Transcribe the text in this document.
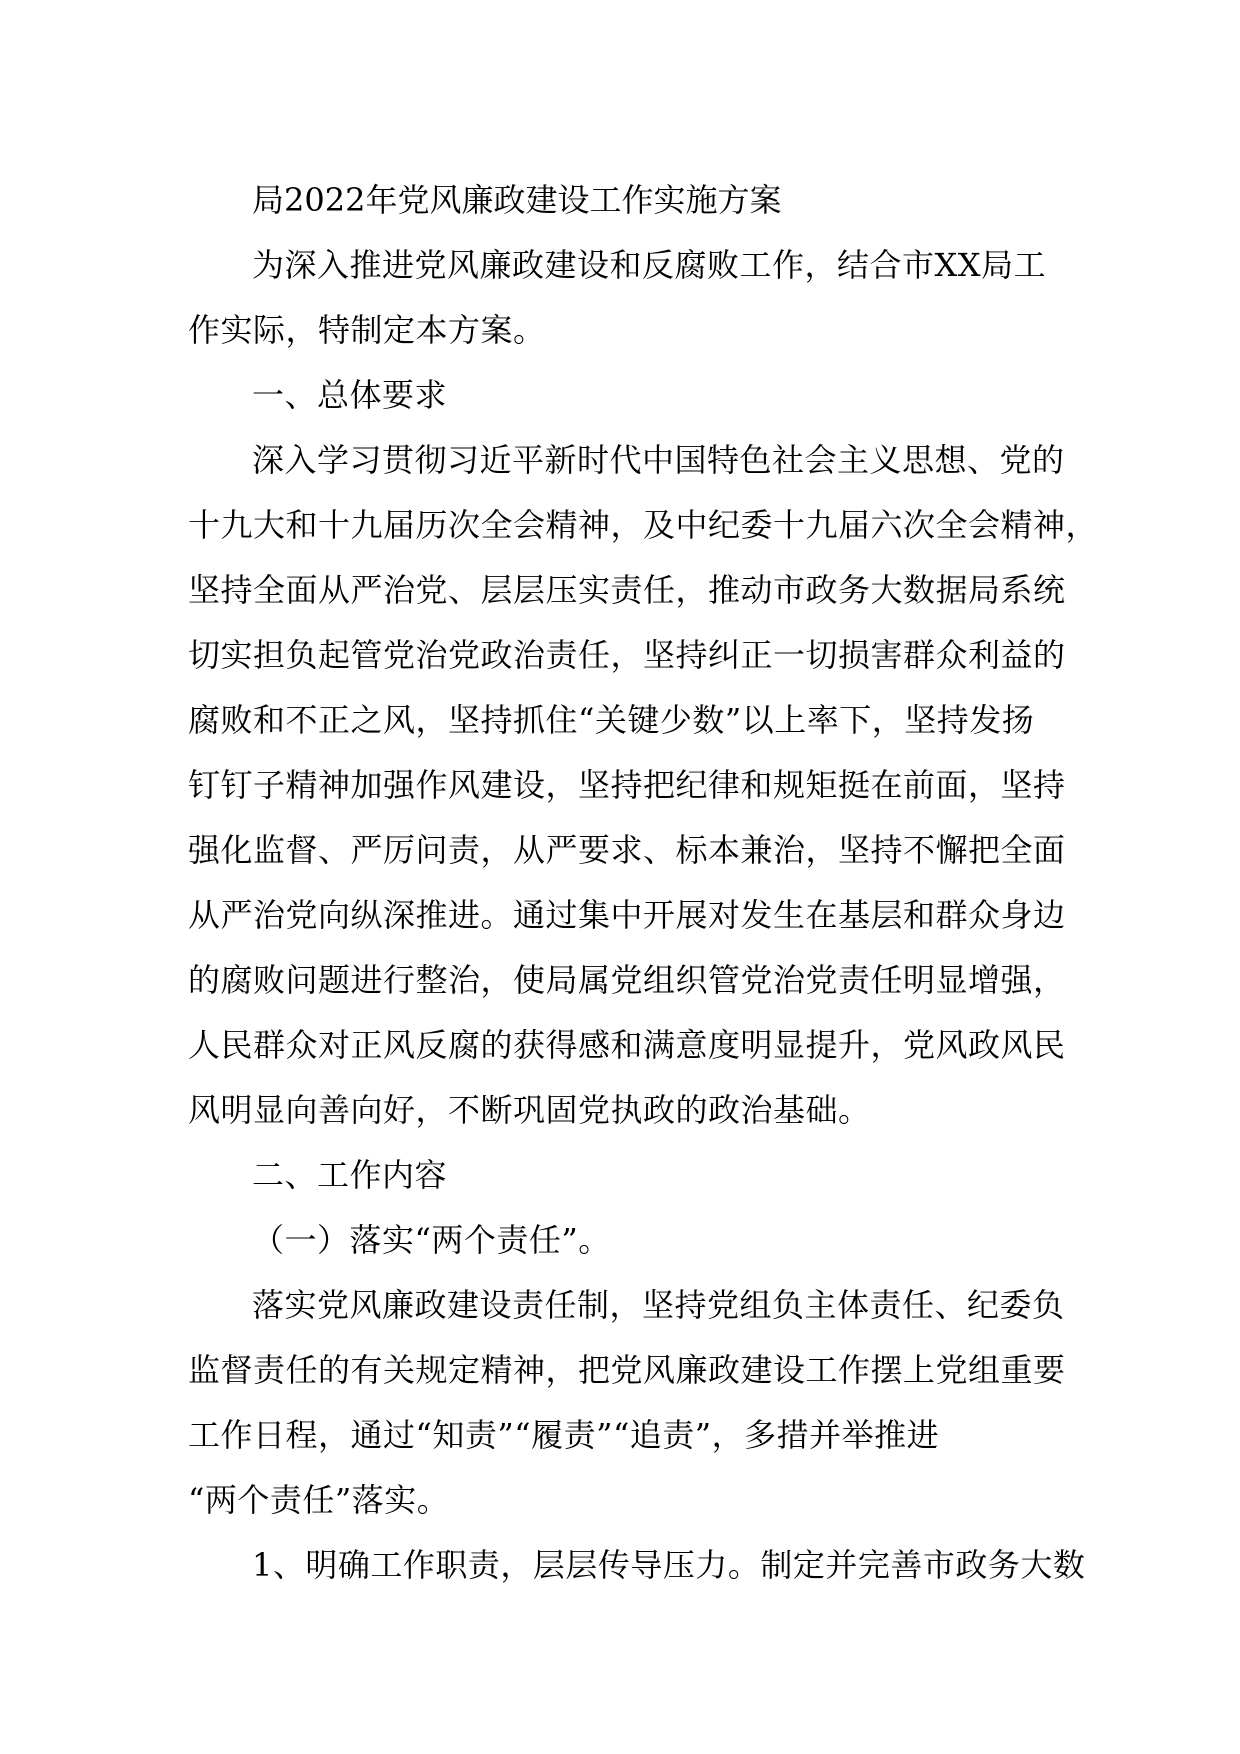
局2022年党风廉政建设工作实施方案
为深入推进党风廉政建设和反腐败工作，结合市XX局工
作实际，特制定本方案。
一、总体要求
深入学习贯彻习近平新时代中国特色社会主义思想、党的
十九大和十九届历次全会精神，及中纪委十九届六次全会精神，
坚持全面从严治党、层层压实责任，推动市政务大数据局系统
切实担负起管党治党政治责任，坚持纠正一切损害群众利益的
腐败和不正之风，坚持抓住“关键少数”以上率下，坚持发扬
钉钉子精神加强作风建设，坚持把纪律和规矩挺在前面，坚持
强化监督、严厉问责，从严要求、标本兼治，坚持不懈把全面
从严治党向纵深推进。通过集中开展对发生在基层和群众身边
的腐败问题进行整治，使局属党组织管党治党责任明显增强，
人民群众对正风反腐的获得感和满意度明显提升，党风政风民
风明显向善向好，不断巩固党执政的政治基础。
二、工作内容
（一）落实“两个责任”。
落实党风廉政建设责任制，坚持党组负主体责任、纪委负
监督责任的有关规定精神，把党风廉政建设工作摆上党组重要
工作日程，通过“知责”“履责”“追责”，多措并举推进
“两个责任”落实。
1、明确工作职责，层层传导压力。制定并完善市政务大数
